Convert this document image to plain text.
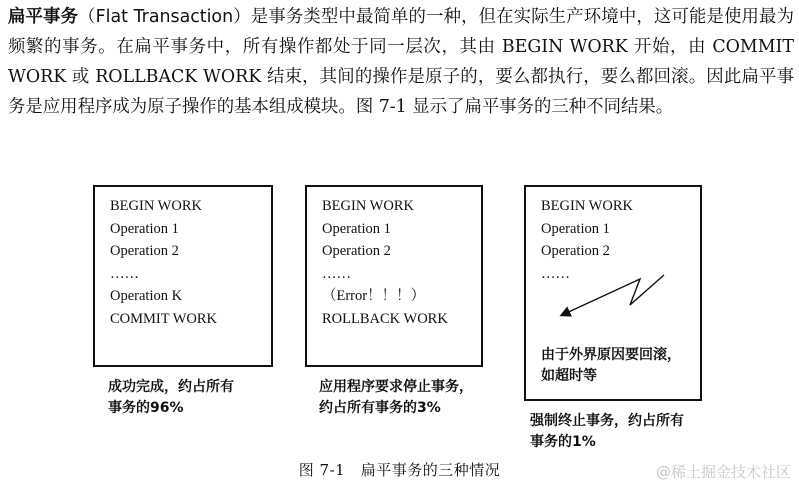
扁平事务（Flat Transaction）是事务类型中最简单的一种，但在实际生产环境中，这可能是使用最为频繁的事务。在扁平事务中，所有操作都处于同一层次，其由 BEGIN WORK 开始，由 COMMIT WORK 或 ROLLBACK WORK 结束，其间的操作是原子的，要么都执行，要么都回滚。因此扁平事务是应用程序成为原子操作的基本组成模块。图 7-1 显示了扁平事务的三种不同结果。
BEGIN WORK
Operation 1
Operation 2
……
Operation K
COMMIT WORK
成功完成，约占所有
事务的96%
BEGIN WORK
Operation 1
Operation 2
……
（Error！！！）
ROLLBACK WORK
应用程序要求停止事务，
约占所有事务的3%
BEGIN WORK
Operation 1
Operation 2
……
由于外界原因要回滚，
如超时等
强制终止事务，约占所有
事务的1%
图 7-1　扁平事务的三种情况	@稀土掘金技术社区
